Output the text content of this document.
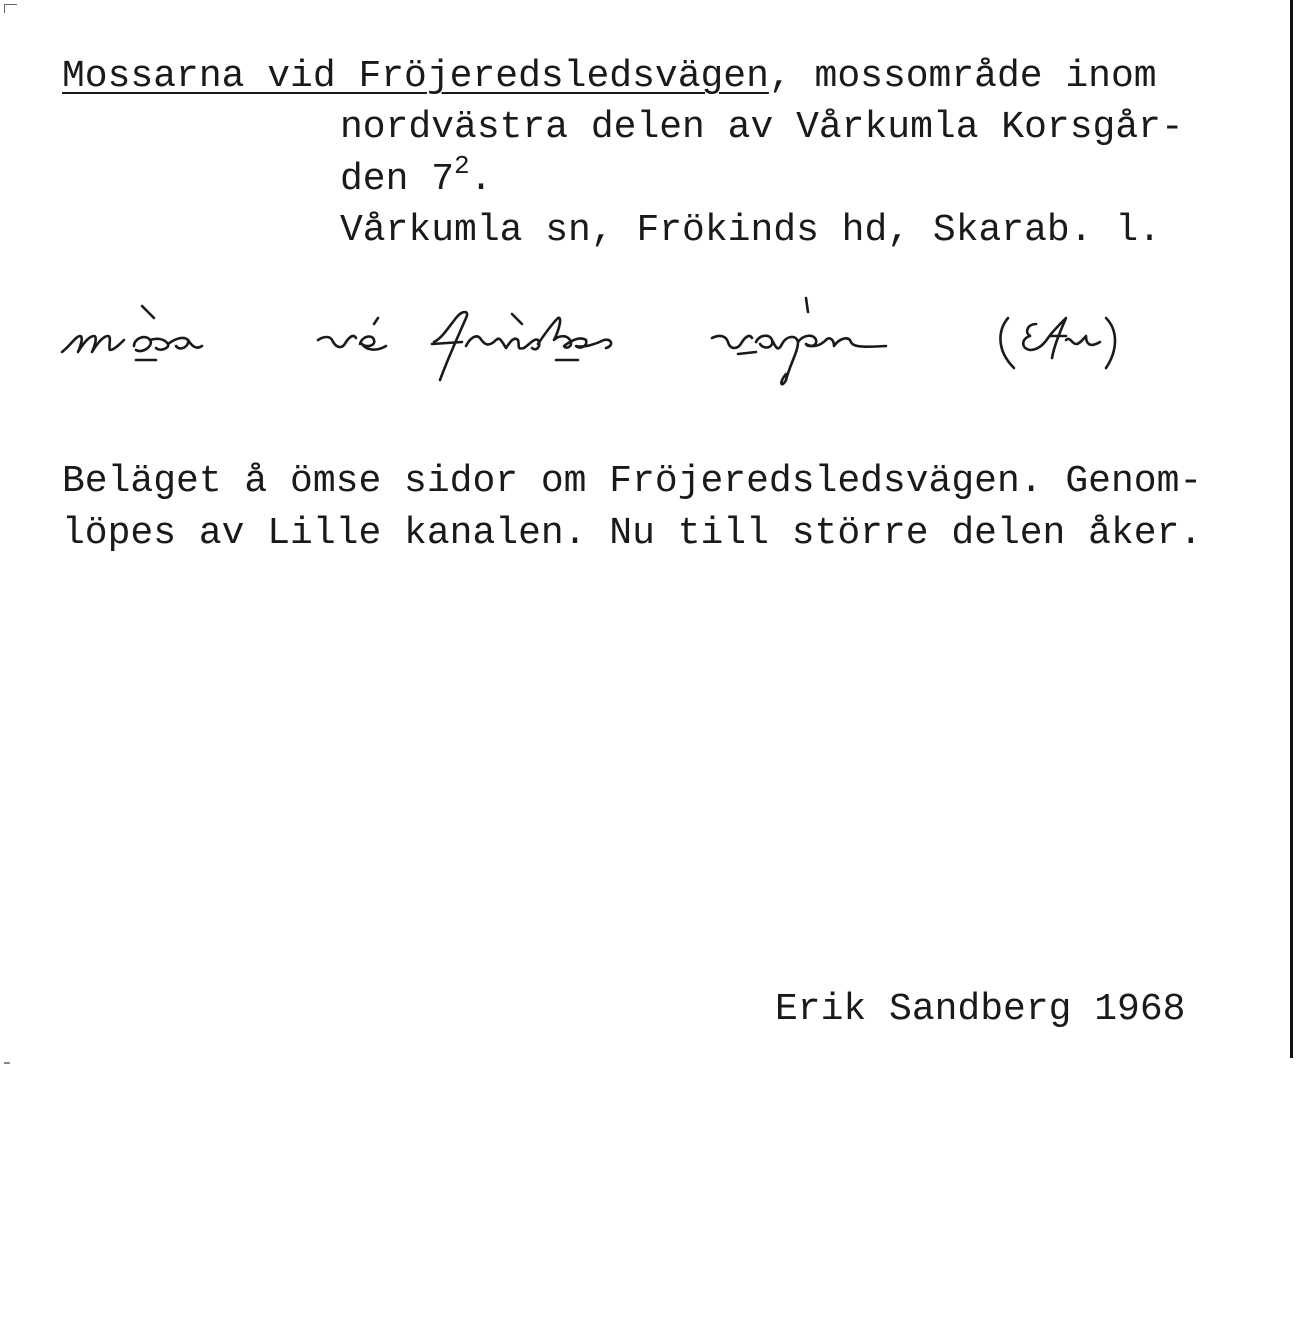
Mossarna vid Fröjeredsledsvägen, mossområde inom
nordvästra delen av Vårkumla Korsgår-
den $7^2$.
Vårkumla sn, Frökinds hd, Skarab. l.
Beläget å ömse sidor om Fröjeredsledsvägen. Genom-
löpes av Lille kanalen. Nu till större delen åker.
Erik Sandberg 1968
